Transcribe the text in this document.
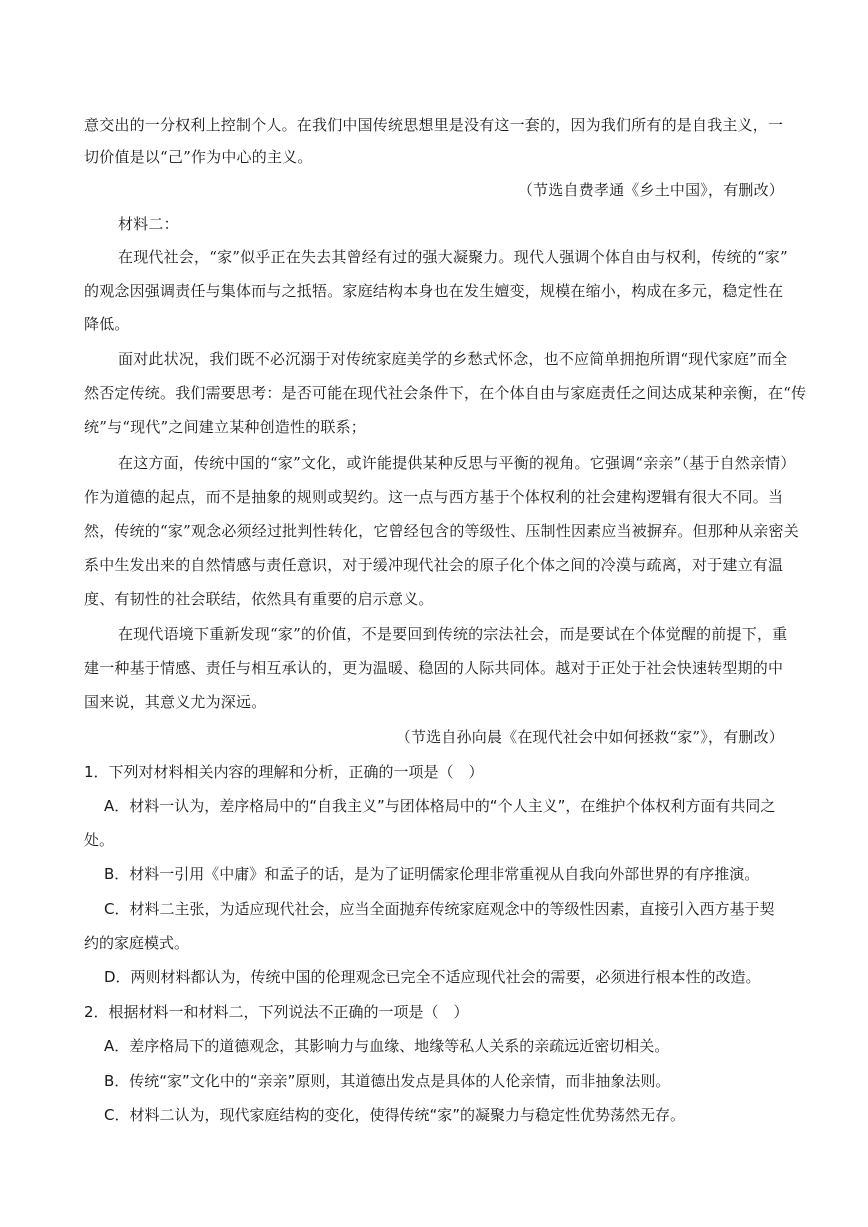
意交出的一分权利上控制个人。在我们中国传统思想里是没有这一套的，因为我们所有的是自我主义，一
切价值是以“己”作为中心的主义。
（节选自费孝通《乡土中国》，有删改）
材料二：
在现代社会，“家”似乎正在失去其曾经有过的强大凝聚力。现代人强调个体自由与权利，传统的“家”
的观念因强调责任与集体而与之抵牾。家庭结构本身也在发生嬗变，规模在缩小，构成在多元，稳定性在
降低。
面对此状况，我们既不必沉溺于对传统家庭美学的乡愁式怀念，也不应简单拥抱所谓“现代家庭”而全
然否定传统。我们需要思考：是否可能在现代社会条件下，在个体自由与家庭责任之间达成某种亲衡，在“传
统”与“现代”之间建立某种创造性的联系；
在这方面，传统中国的“家”文化，或许能提供某种反思与平衡的视角。它强调“亲亲”（基于自然亲情）
作为道德的起点，而不是抽象的规则或契约。这一点与西方基于个体权利的社会建构逻辑有很大不同。当
然，传统的“家”观念必须经过批判性转化，它曾经包含的等级性、压制性因素应当被摒弃。但那种从亲密关
系中生发出来的自然情感与责任意识，对于缓冲现代社会的原子化个体之间的冷漠与疏离，对于建立有温
度、有韧性的社会联结，依然具有重要的启示意义。
在现代语境下重新发现“家”的价值，不是要回到传统的宗法社会，而是要试在个体觉醒的前提下，重
建一种基于情感、责任与相互承认的，更为温暖、稳固的人际共同体。越对于正处于社会快速转型期的中
国来说，其意义尤为深远。
（节选自孙向晨《在现代社会中如何拯救“家”》，有删改）
1．下列对材料相关内容的理解和分析，正确的一项是（　）
A．材料一认为，差序格局中的“自我主义”与团体格局中的“个人主义”，在维护个体权利方面有共同之
处。
B．材料一引用《中庸》和孟子的话，是为了证明儒家伦理非常重视从自我向外部世界的有序推演。
C．材料二主张，为适应现代社会，应当全面抛弃传统家庭观念中的等级性因素，直接引入西方基于契
约的家庭模式。
D．两则材料都认为，传统中国的伦理观念已完全不适应现代社会的需要，必须进行根本性的改造。
2．根据材料一和材料二，下列说法不正确的一项是（　）
A．差序格局下的道德观念，其影响力与血缘、地缘等私人关系的亲疏远近密切相关。
B．传统“家”文化中的“亲亲”原则，其道德出发点是具体的人伦亲情，而非抽象法则。
C．材料二认为，现代家庭结构的变化，使得传统“家”的凝聚力与稳定性优势荡然无存。
